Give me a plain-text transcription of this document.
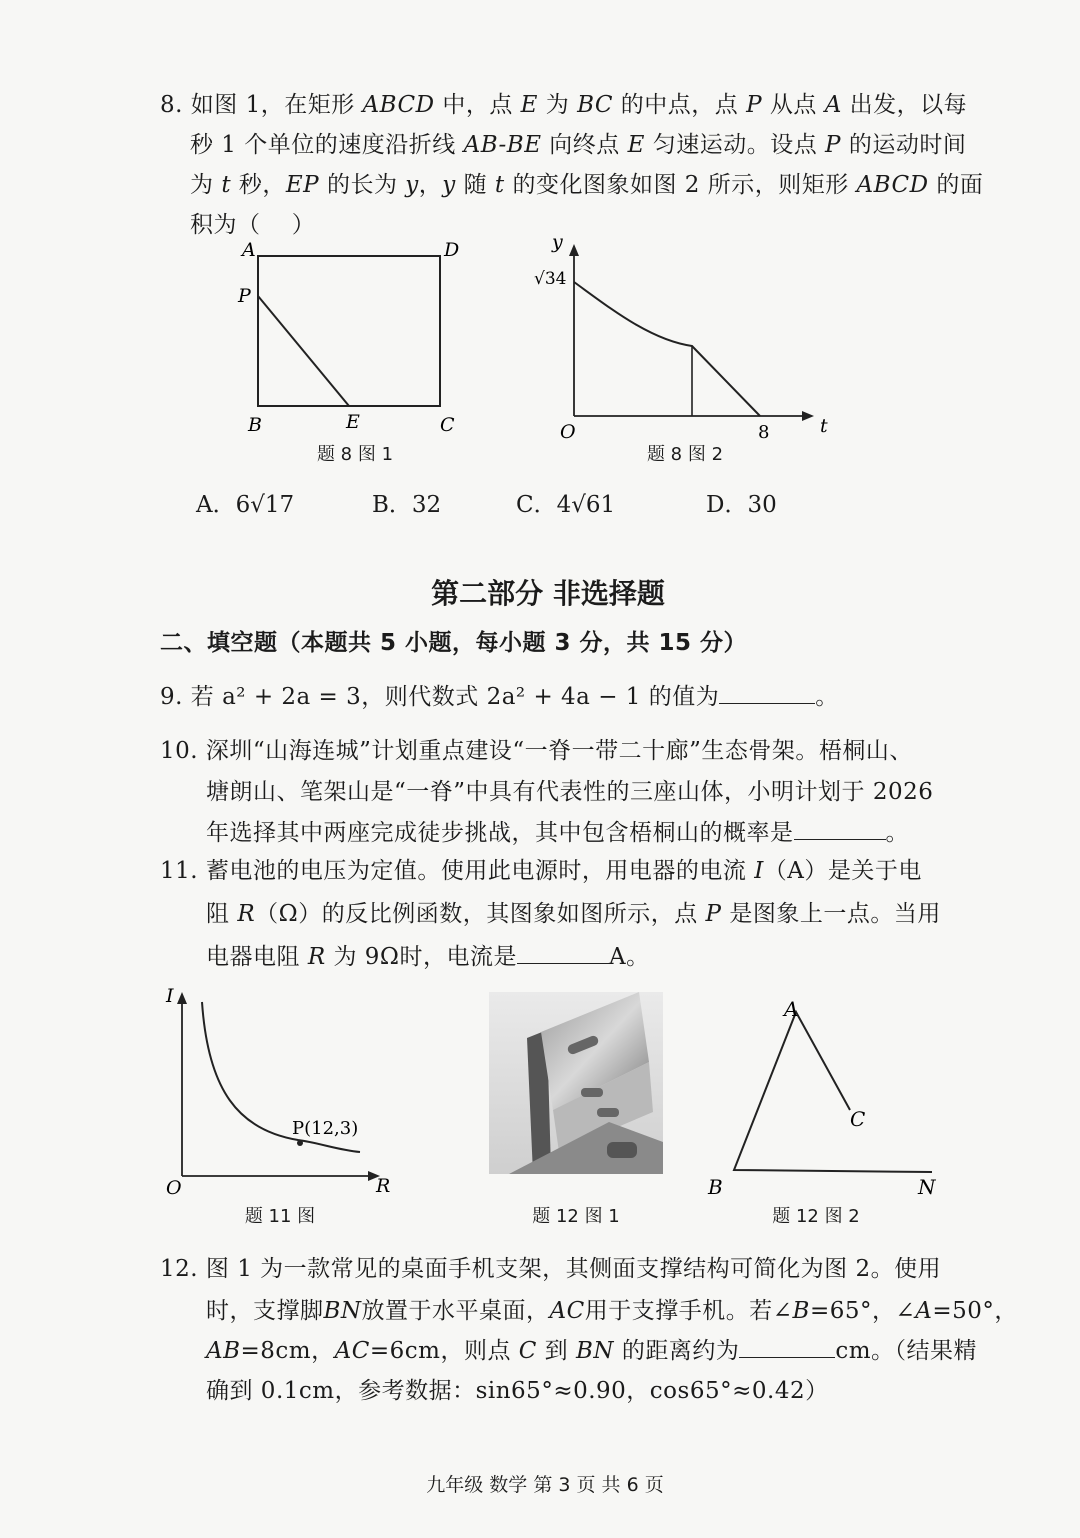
8. 如图 1，在矩形 ABCD 中，点 E 为 BC 的中点，点 P 从点 A 出发，以每
秒 1 个单位的速度沿折线 AB-BE 向终点 E 匀速运动。设点 P 的运动时间
为 t 秒，EP 的长为 y，y 随 t 的变化图象如图 2 所示，则矩形 ABCD 的面
积为（　 ）
A	D
P
B	E	C
题 8 图 1
y
√34
O	8	t
题 8 图 2
A．6√17	B．32	C．4√61	D．30
第二部分 非选择题
二、填空题（本题共 5 小题，每小题 3 分，共 15 分）
9. 若 a² + 2a = 3，则代数式 2a² + 4a − 1 的值为	。
10. 深圳“山海连城”计划重点建设“一脊一带二十廊”生态骨架。梧桐山、
塘朗山、笔架山是“一脊”中具有代表性的三座山体，小明计划于 2026
年选择其中两座完成徒步挑战，其中包含梧桐山的概率是	。
11. 蓄电池的电压为定值。使用此电源时，用电器的电流 I（A）是关于电
阻 R（Ω）的反比例函数，其图象如图所示，点 P 是图象上一点。当用
电器电阻 R 为 9Ω时，电流是	A。
I
O	R
P(12,3)
题 11 图	题 12 图 1
A
C
B	N
题 12 图 2
12. 图 1 为一款常见的桌面手机支架，其侧面支撑结构可简化为图 2。使用
时，支撑脚BN放置于水平桌面，AC用于支撑手机。若∠B=65°，∠A=50°，
AB=8cm，AC=6cm，则点 C 到 BN 的距离约为	cm。（结果精
确到 0.1cm，参考数据：sin65°≈0.90，cos65°≈0.42）
九年级 数学 第 3 页 共 6 页
